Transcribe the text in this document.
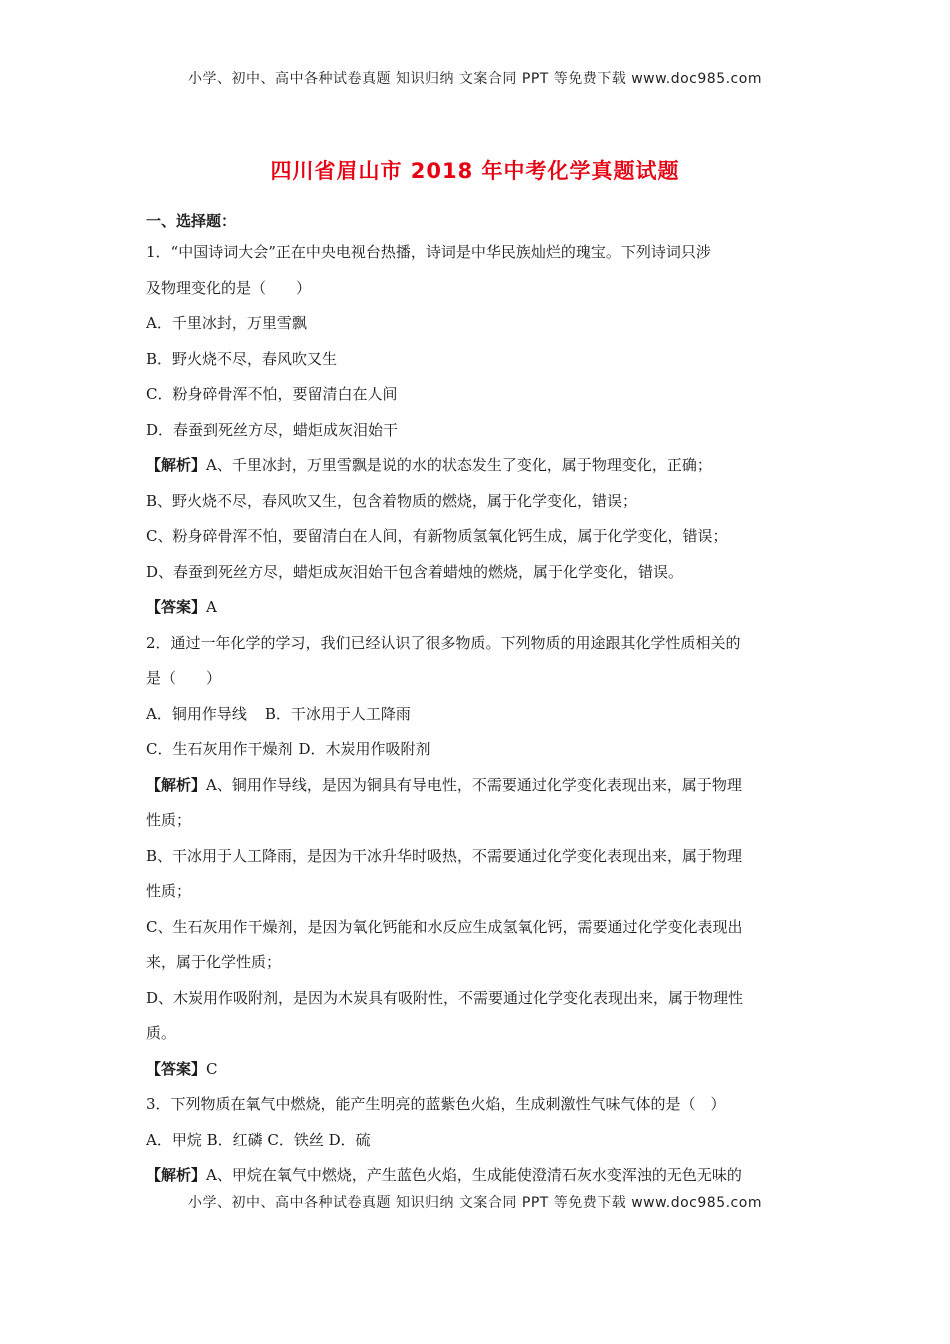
小学、初中、高中各种试卷真题 知识归纳 文案合同 PPT 等免费下载 www.doc985.com
四川省眉山市 2018 年中考化学真题试题
一、选择题：
1．“中国诗词大会”正在中央电视台热播，诗词是中华民族灿烂的瑰宝。下列诗词只涉
及物理变化的是（　　）
A．千里冰封，万里雪飘
B．野火烧不尽，春风吹又生
C．粉身碎骨浑不怕，要留清白在人间
D．春蚕到死丝方尽，蜡炬成灰泪始干
【解析】A、千里冰封，万里雪飘是说的水的状态发生了变化，属于物理变化，正确；
B、野火烧不尽，春风吹又生，包含着物质的燃烧，属于化学变化，错误；
C、粉身碎骨浑不怕，要留清白在人间，有新物质氢氧化钙生成，属于化学变化，错误；
D、春蚕到死丝方尽，蜡炬成灰泪始干包含着蜡烛的燃烧，属于化学变化，错误。
【答案】A
2．通过一年化学的学习，我们已经认识了很多物质。下列物质的用途跟其化学性质相关的
是（　　）
A．铜用作导线 B．干冰用于人工降雨
C．生石灰用作干燥剂 D．木炭用作吸附剂
【解析】A、铜用作导线，是因为铜具有导电性，不需要通过化学变化表现出来，属于物理
性质；
B、干冰用于人工降雨，是因为干冰升华时吸热，不需要通过化学变化表现出来，属于物理
性质；
C、生石灰用作干燥剂，是因为氧化钙能和水反应生成氢氧化钙，需要通过化学变化表现出
来，属于化学性质；
D、木炭用作吸附剂，是因为木炭具有吸附性，不需要通过化学变化表现出来，属于物理性
质。
【答案】C
3．下列物质在氧气中燃烧，能产生明亮的蓝紫色火焰，生成刺激性气味气体的是（　）
A．甲烷 B．红磷 C．铁丝 D．硫
【解析】A、甲烷在氧气中燃烧，产生蓝色火焰，生成能使澄清石灰水变浑浊的无色无味的
小学、初中、高中各种试卷真题 知识归纳 文案合同 PPT 等免费下载 www.doc985.com
